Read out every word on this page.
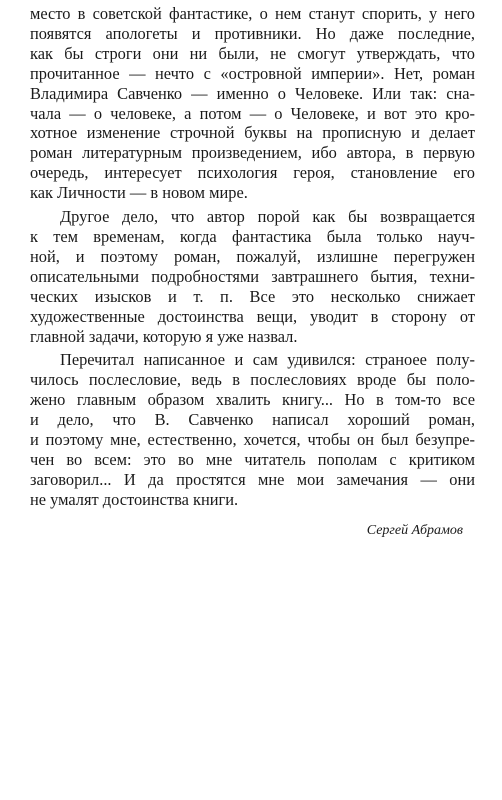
место в советской фантастике, о нем станут спорить, у него
появятся апологеты и противники. Но даже последние,
как бы строги они ни были, не смогут утверждать, что
прочитанное — нечто с «островной империи». Нет, роман
Владимира Савченко — именно о Человеке. Или так: сна-
чала — о человеке, а потом — о Человеке, и вот это кро-
хотное изменение строчной буквы на прописную и делает
роман литературным произведением, ибо автора, в первую
очередь, интересует психология героя, становление его
как Личности — в новом мире.
Другое дело, что автор порой как бы возвращается
к тем временам, когда фантастика была только науч-
ной, и поэтому роман, пожалуй, излишне перегружен
описательными подробностями завтрашнего бытия, техни-
ческих изысков и т. п. Все это несколько снижает
художественные достоинства вещи, уводит в сторону от
главной задачи, которую я уже назвал.
Перечитал написанное и сам удивился: страноее полу-
чилось послесловие, ведь в послесловиях вроде бы поло-
жено главным образом хвалить книгу... Но в том-то все
и дело, что В. Савченко написал хороший роман,
и поэтому мне, естественно, хочется, чтобы он был безупре-
чен во всем: это во мне читатель пополам с критиком
заговорил... И да простятся мне мои замечания — они
не умалят достоинства книги.
Сергей Абрамов
